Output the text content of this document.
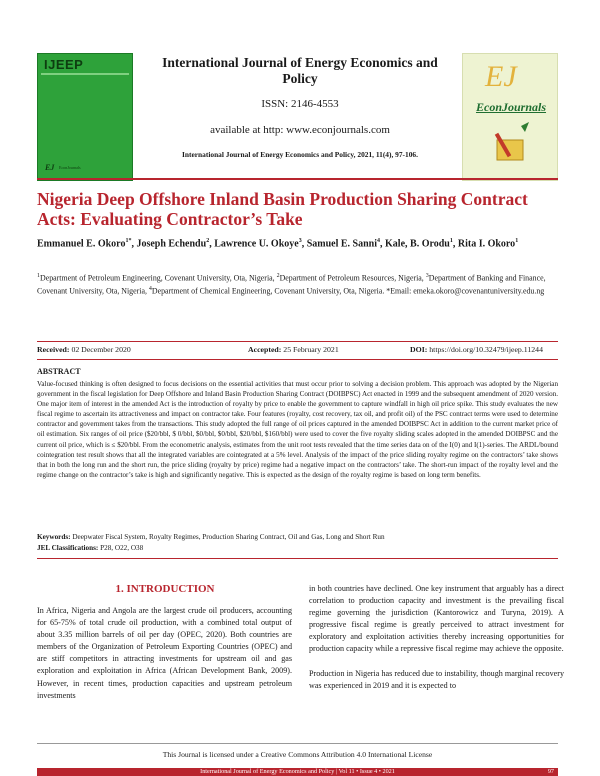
IJEEP
EJ EconJournals
International Journal of Energy Economics and Policy
ISSN: 2146-4553
available at http: www.econjournals.com
International Journal of Energy Economics and Policy, 2021, 11(4), 97-106.
EJ
EconJournals
Nigeria Deep Offshore Inland Basin Production Sharing Contract Acts: Evaluating Contractor’s Take
Emmanuel E. Okoro$^{1*}$, Joseph Echendu$^2$, Lawrence U. Okoye$^3$, Samuel E. Sanni$^4$, Kale, B. Orodu$^1$, Rita I. Okoro$^1$
$^1$Department of Petroleum Engineering, Covenant University, Ota, Nigeria, $^2$Department of Petroleum Resources, Nigeria, $^3$Department of Banking and Finance, Covenant University, Ota, Nigeria, $^4$Department of Chemical Engineering, Covenant University, Ota, Nigeria. *Email: emeka.okoro@covenantuniversity.edu.ng
Received: 02 December 2020	Accepted: 25 February 2021	DOI: https://doi.org/10.32479/ijeep.11244
ABSTRACT
Value-focused thinking is often designed to focus decisions on the essential activities that must occur prior to solving a decision problem. This approach was adopted by the Nigerian government in the fiscal legislation for Deep Offshore and Inland Basin Production Sharing Contract (DOIBPSC) Act enacted in 1999 and the subsequent amendment of 2020 version. One major item of interest in the amended Act is the introduction of royalty by price to enable the government to capture windfall in high oil price spike. This study evaluates the new fiscal regime to ascertain its attractiveness and impact on contractor take. Four features (royalty, cost recovery, tax oil, and profit oil) of the PSC contract terms were used to determine contractor and government takes from the transactions. This study adopted the full range of oil prices captured in the amended DOIBPSC Act in addition to the current market price of oil estimation. Six ranges of oil price ($20/bbl, $ 0/bbl, $0/bbl, $0/bbl, $20/bbl, $160/bbl) were used to cover the five royalty sliding scales adopted in the amended DOIBPSC and the current oil price, which is ≤ $20/bbl. From the econometric analysis, estimates from the unit root tests revealed that the time series data on of the I(0) and I(1)-series. The ARDL/bound cointegration test result shows that all the integrated variables are cointegrated at a 5% level. Analysis of the impact of the price sliding royalty regime on the contractors’ take shows that in both the long run and the short run, the price sliding (royalty by price) regime had a negative impact on the contractors’ take. The short-run impact of the royalty level and the regime change on the contractor’s take is high and significantly negative. This is expected as the design of the royalty regime is based on long term benefits.
Keywords: Deepwater Fiscal System, Royalty Regimes, Production Sharing Contract, Oil and Gas, Long and Short Run
JEL Classifications: P28, O22, O38
1. INTRODUCTION

In Africa, Nigeria and Angola are the largest crude oil producers, accounting for 65-75% of total crude oil production, with a combined total output of about 3.35 million barrels of oil per day (OPEC, 2020). Both countries are members of the Organization of Petroleum Exporting Countries (OPEC) and are stiff competitors in attracting investments for upstream oil and gas exploration and exploitation in Africa (African Development Bank, 2009). However, in recent times, production capacities and upstream petroleum investments

in both countries have declined. One key instrument that arguably has a direct correlation to production capacity and investment is the prevailing fiscal regime governing the jurisdiction (Kantorowicz and Turyna, 2019). A progressive fiscal regime is greatly perceived to attract investment for exploratory and exploitation activities thereby increasing opportunities for production capacity while a repressive fiscal regime may achieve the opposite.

Production in Nigeria has reduced due to instability, though marginal recovery was experienced in 2019 and it is expected to

This Journal is licensed under a Creative Commons Attribution 4.0 International License
International Journal of Energy Economics and Policy | Vol 11 • Issue 4 • 2021	97
